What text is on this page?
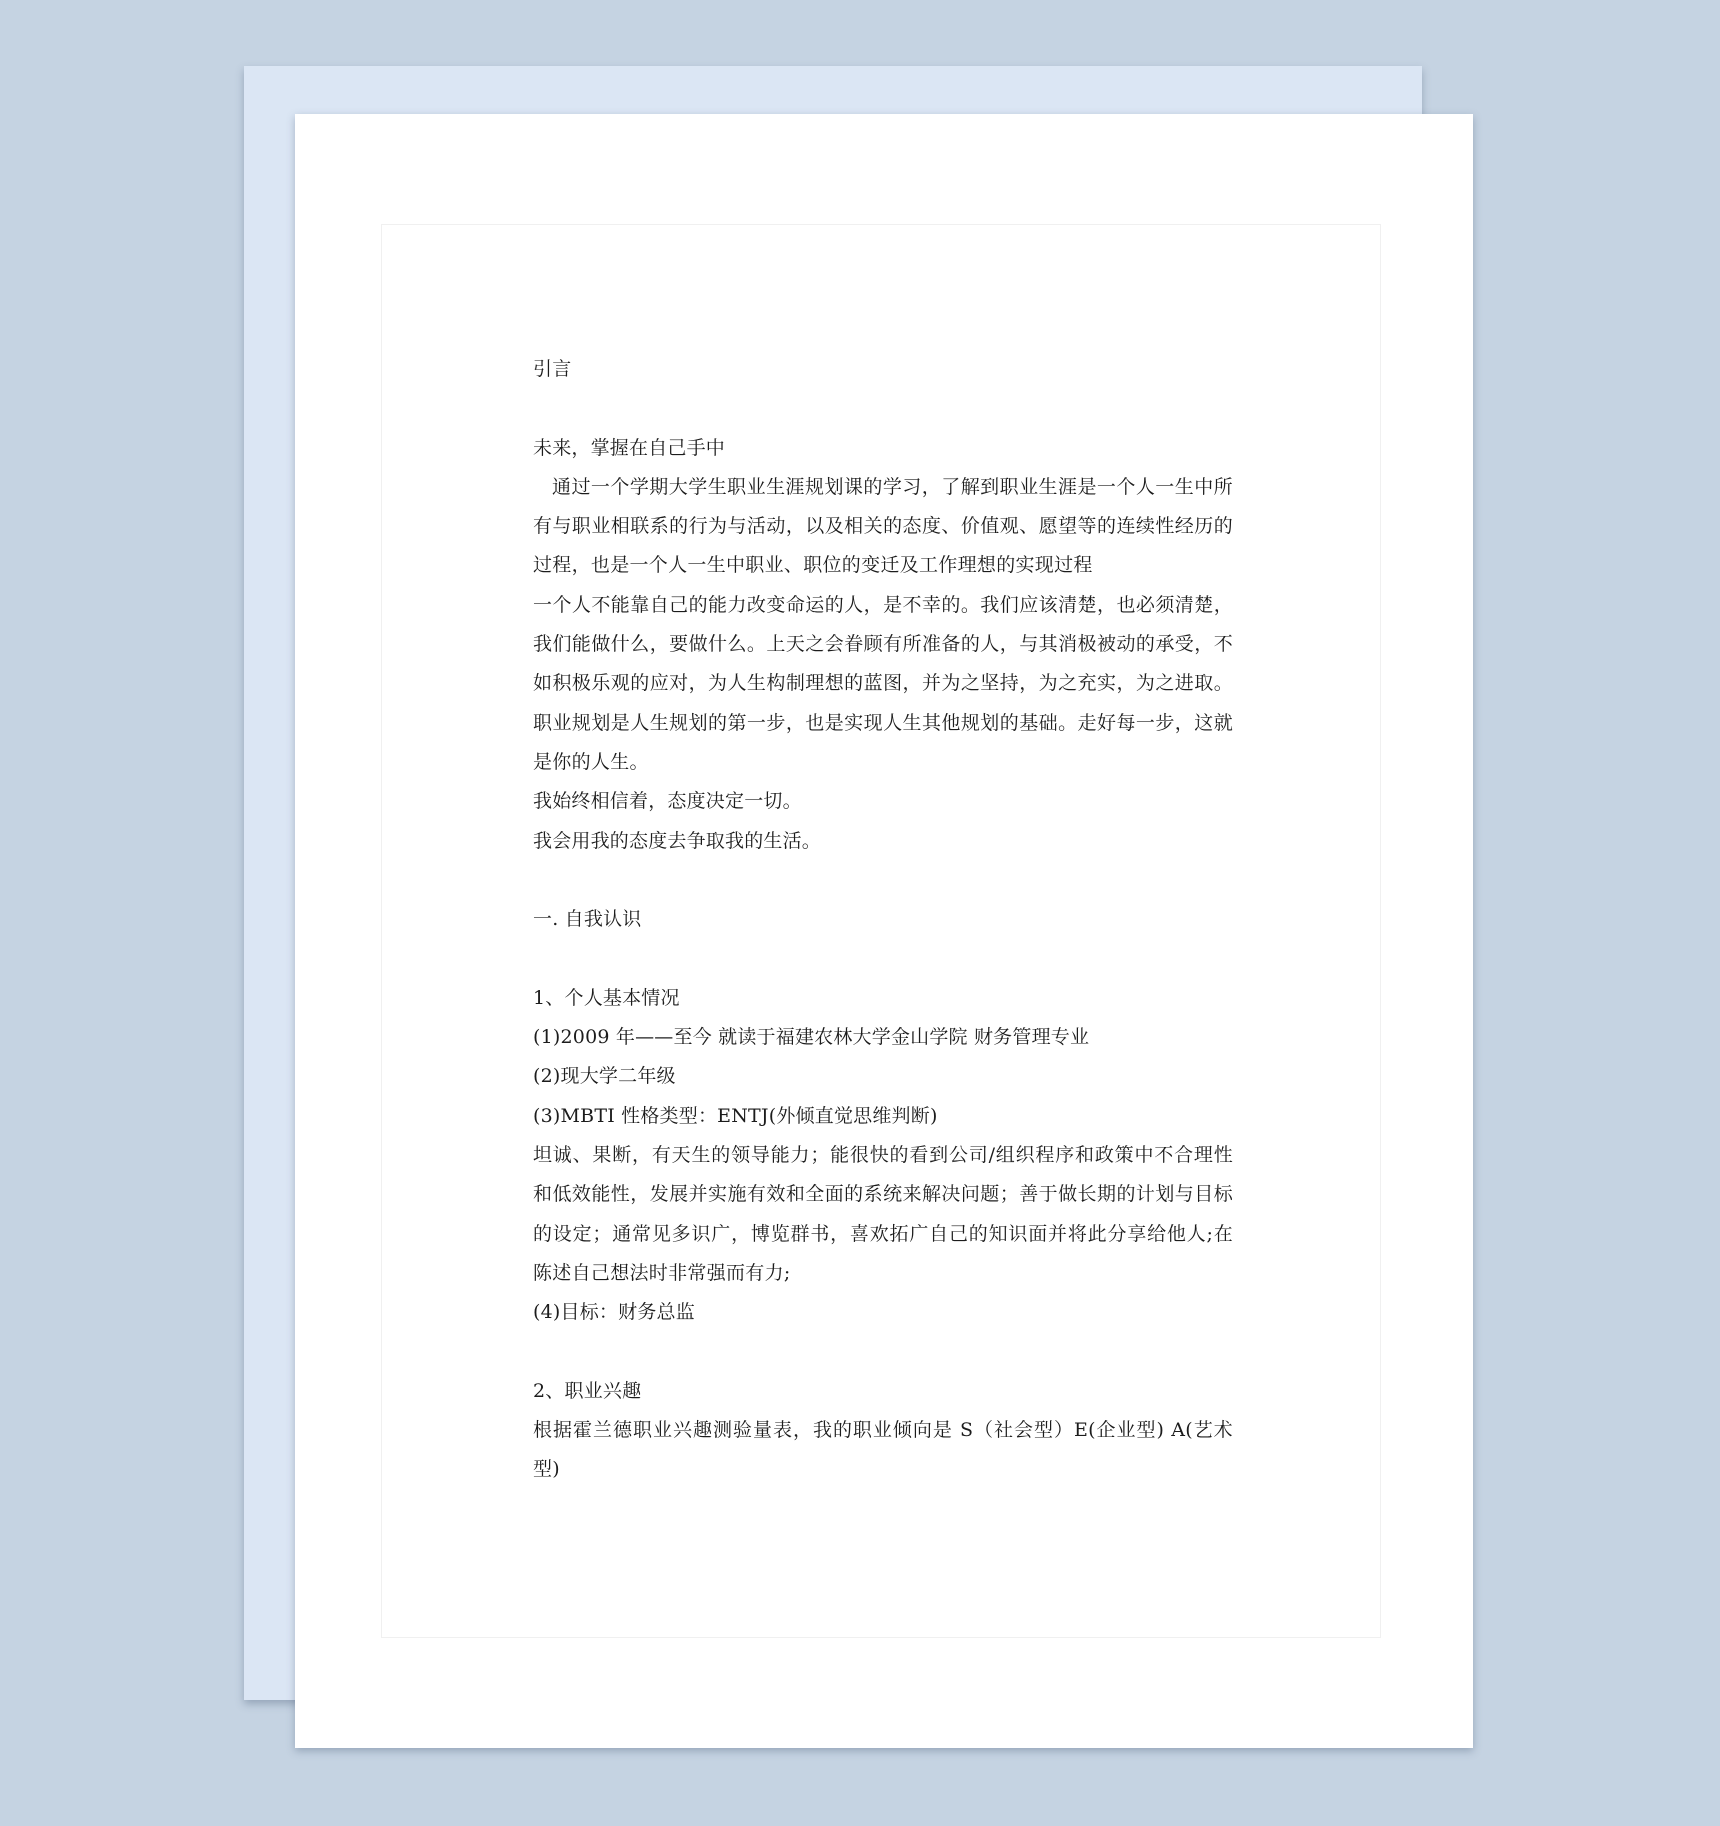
引言

未来，掌握在自己手中

通过一个学期大学生职业生涯规划课的学习，了解到职业生涯是一个人一生中所有与职业相联系的行为与活动，以及相关的态度、价值观、愿望等的连续性经历的过程，也是一个人一生中职业、职位的变迁及工作理想的实现过程

一个人不能靠自己的能力改变命运的人，是不幸的。我们应该清楚，也必须清楚，我们能做什么，要做什么。上天之会眷顾有所准备的人，与其消极被动的承受，不如积极乐观的应对，为人生构制理想的蓝图，并为之坚持，为之充实，为之进取。职业规划是人生规划的第一步，也是实现人生其他规划的基础。走好每一步，这就是你的人生。

我始终相信着，态度决定一切。

我会用我的态度去争取我的生活。

一. 自我认识

1、个人基本情况

(1)2009 年——至今 就读于福建农林大学金山学院 财务管理专业

(2)现大学二年级

(3)MBTI 性格类型：ENTJ(外倾直觉思维判断)

坦诚、果断，有天生的领导能力；能很快的看到公司/组织程序和政策中不合理性和低效能性，发展并实施有效和全面的系统来解决问题；善于做长期的计划与目标的设定；通常见多识广，博览群书，喜欢拓广自己的知识面并将此分享给他人;在陈述自己想法时非常强而有力;

(4)目标：财务总监

2、职业兴趣

根据霍兰德职业兴趣测验量表，我的职业倾向是 S（社会型）E(企业型) A(艺术型)
